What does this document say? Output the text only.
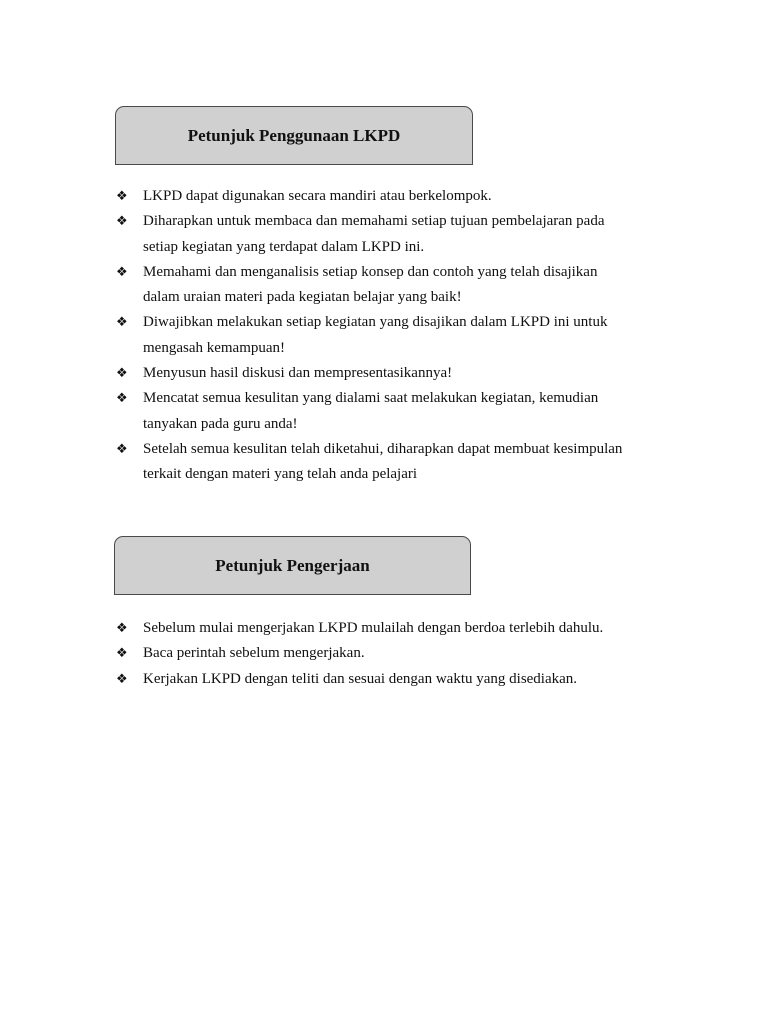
Petunjuk Penggunaan LKPD
❖ LKPD dapat digunakan secara mandiri atau berkelompok.
❖ Diharapkan untuk membaca dan memahami setiap tujuan pembelajaran pada
setiap kegiatan yang terdapat dalam LKPD ini.
❖ Memahami dan menganalisis setiap konsep dan contoh yang telah disajikan
dalam uraian materi pada kegiatan belajar yang baik!
❖ Diwajibkan melakukan setiap kegiatan yang disajikan dalam LKPD ini untuk
mengasah kemampuan!
❖ Menyusun hasil diskusi dan mempresentasikannya!
❖ Mencatat semua kesulitan yang dialami saat melakukan kegiatan, kemudian
tanyakan pada guru anda!
❖ Setelah semua kesulitan telah diketahui, diharapkan dapat membuat kesimpulan
terkait dengan materi yang telah anda pelajari
Petunjuk Pengerjaan
❖ Sebelum mulai mengerjakan LKPD mulailah dengan berdoa terlebih dahulu.
❖ Baca perintah sebelum mengerjakan.
❖ Kerjakan LKPD dengan teliti dan sesuai dengan waktu yang disediakan.
